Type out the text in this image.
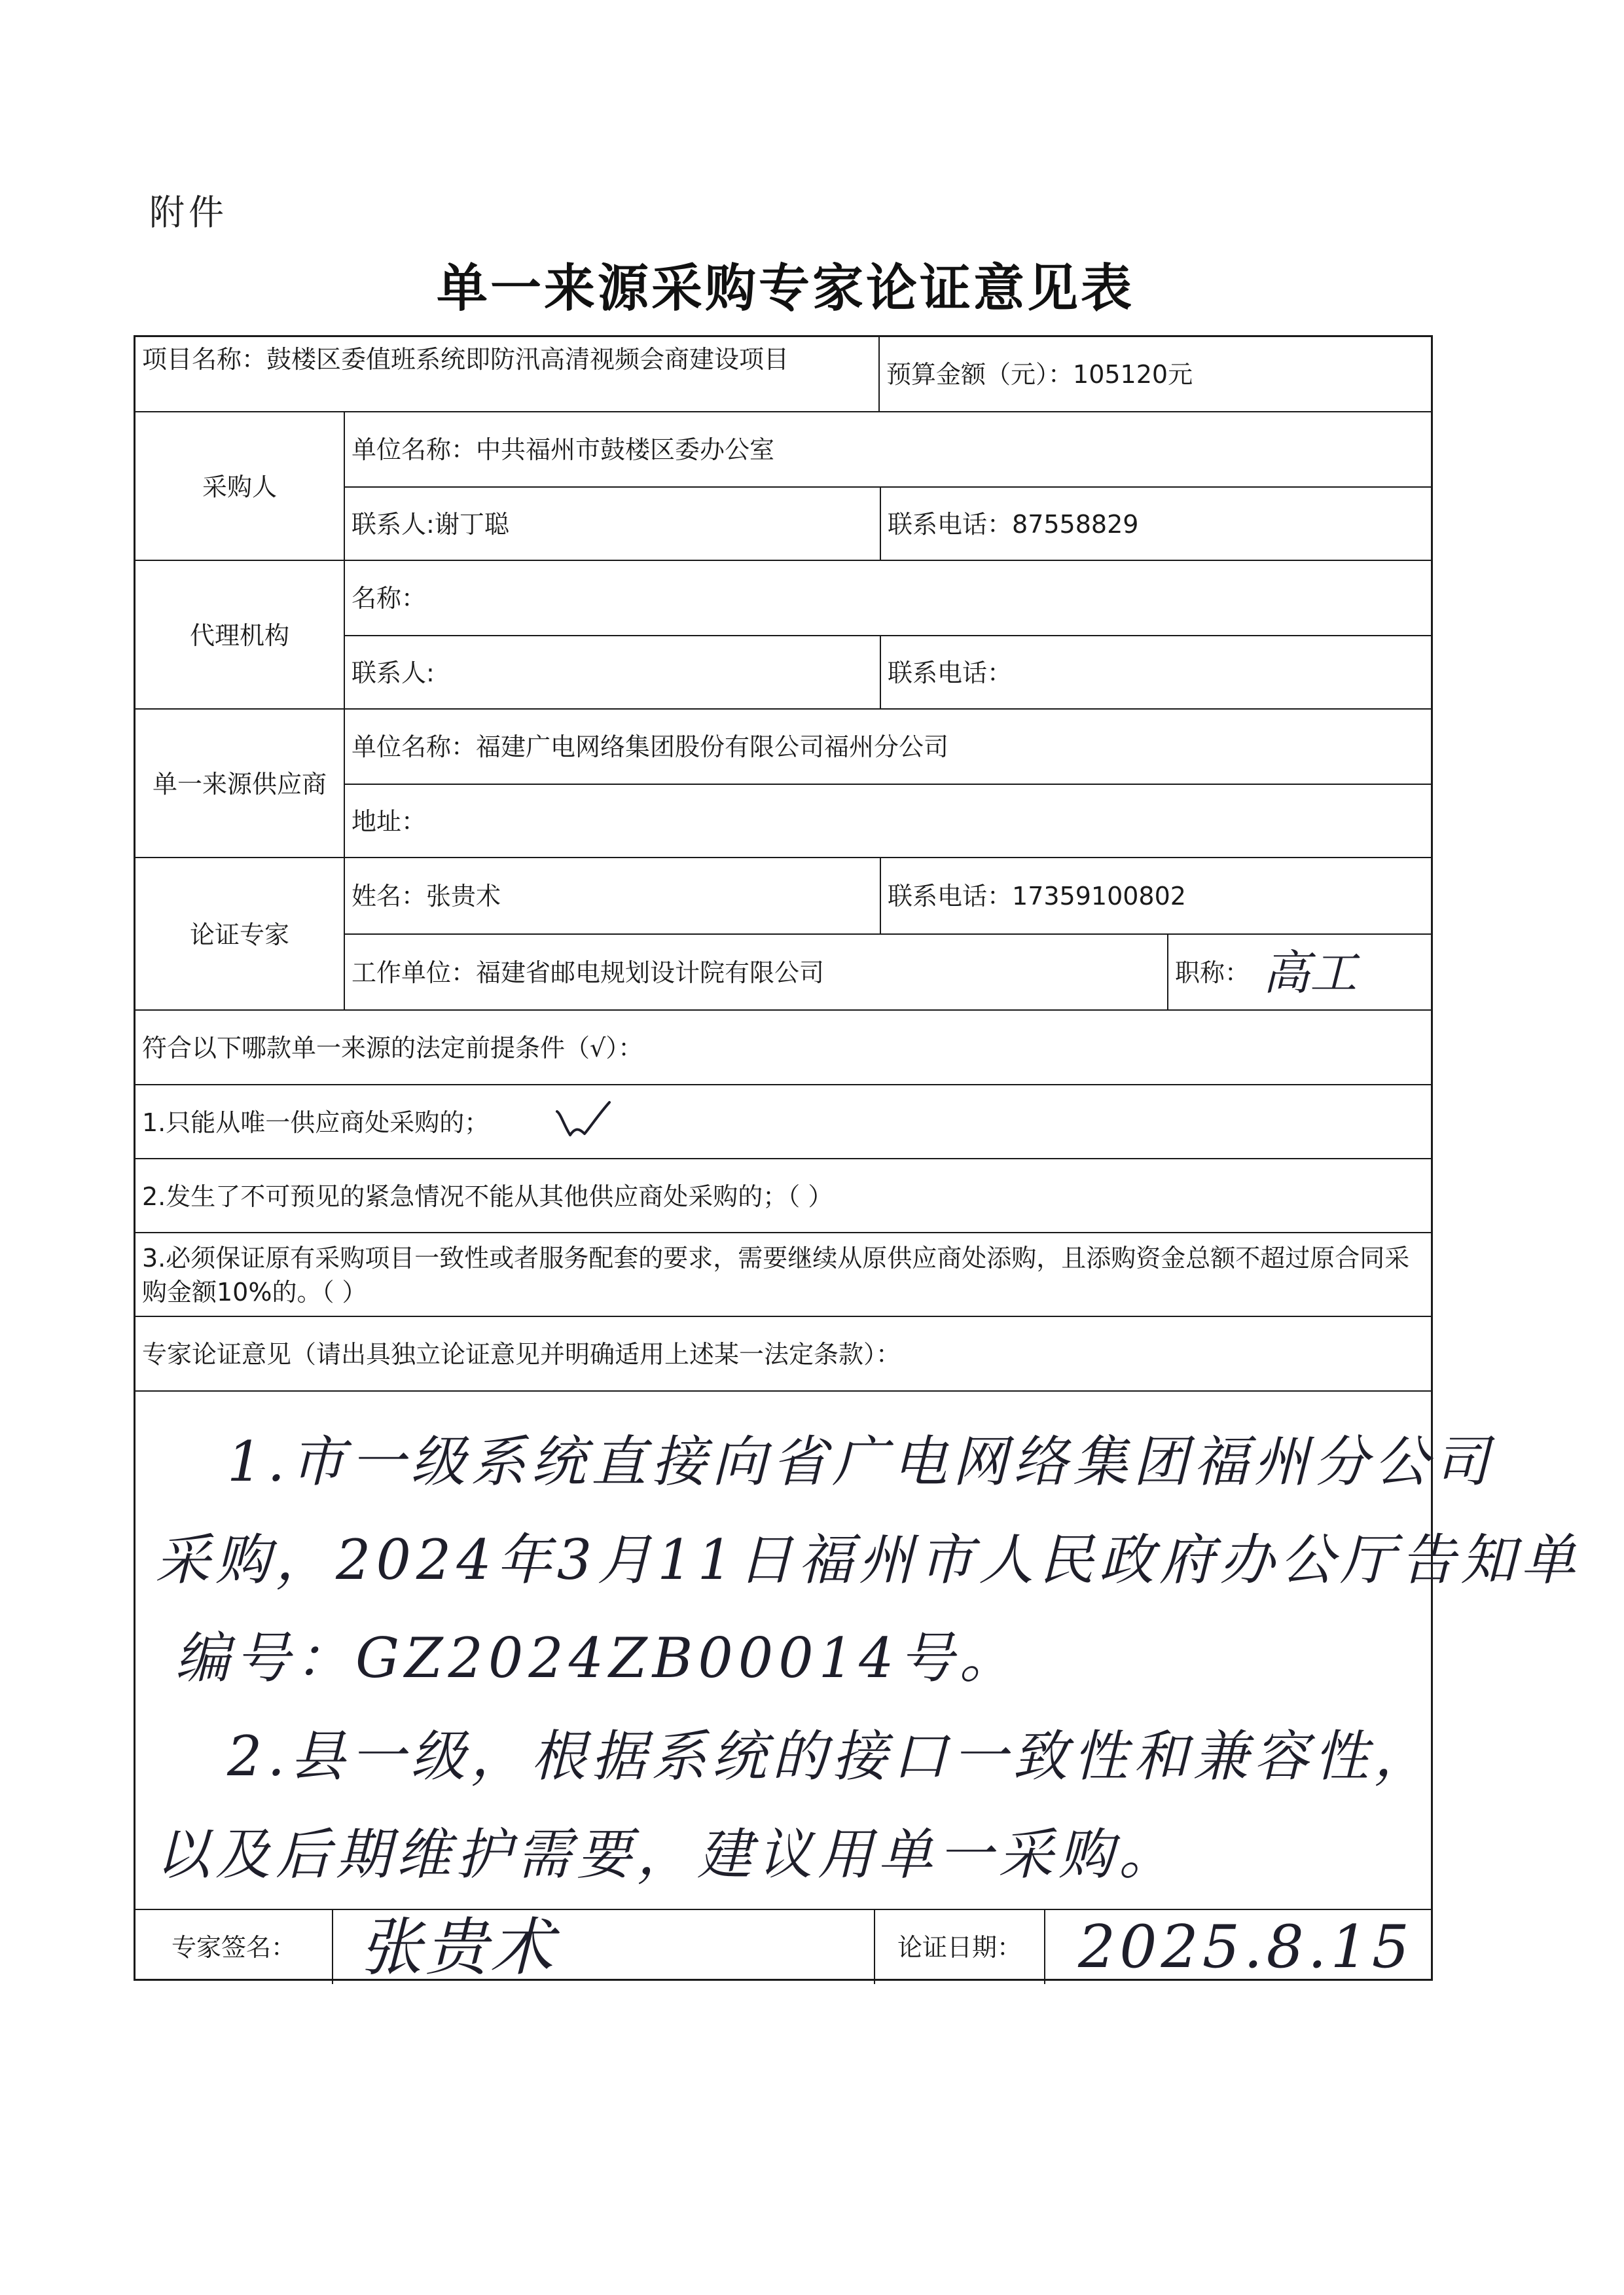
附件
单一来源采购专家论证意见表
项目名称：鼓楼区委值班系统即防汛高清视频会商建设项目
预算金额（元）： 105120元
采购人
单位名称： 中共福州市鼓楼区委办公室
联系人: 谢丁聪	联系电话： 87558829
代理机构
名称：
联系人:	联系电话：
单一来源供应商
单位名称： 福建广电网络集团股份有限公司福州分公司
地址：
论证专家
姓名： 张贵术	联系电话： 17359100802
工作单位： 福建省邮电规划设计院有限公司	职称： 高工
符合以下哪款单一来源的法定前提条件（√）：
1.只能从唯一供应商处采购的；
2.发生了不可预见的紧急情况不能从其他供应商处采购的；（ ）
3.必须保证原有采购项目一致性或者服务配套的要求，需要继续从原供应商处添购，且添购资金总额不超过原合同采购金额10%的。（ ）
专家论证意见（请出具独立论证意见并明确适用上述某一法定条款）：
1.市一级系统直接向省广电网络集团福州分公司
采购，2024年3月11日福州市人民政府办公厅告知单
编号：GZ2024ZB00014号。
2.县一级，根据系统的接口一致性和兼容性，
以及后期维护需要，建议用单一采购。
专家签名：	张贵术	论证日期： 2025.8.15
